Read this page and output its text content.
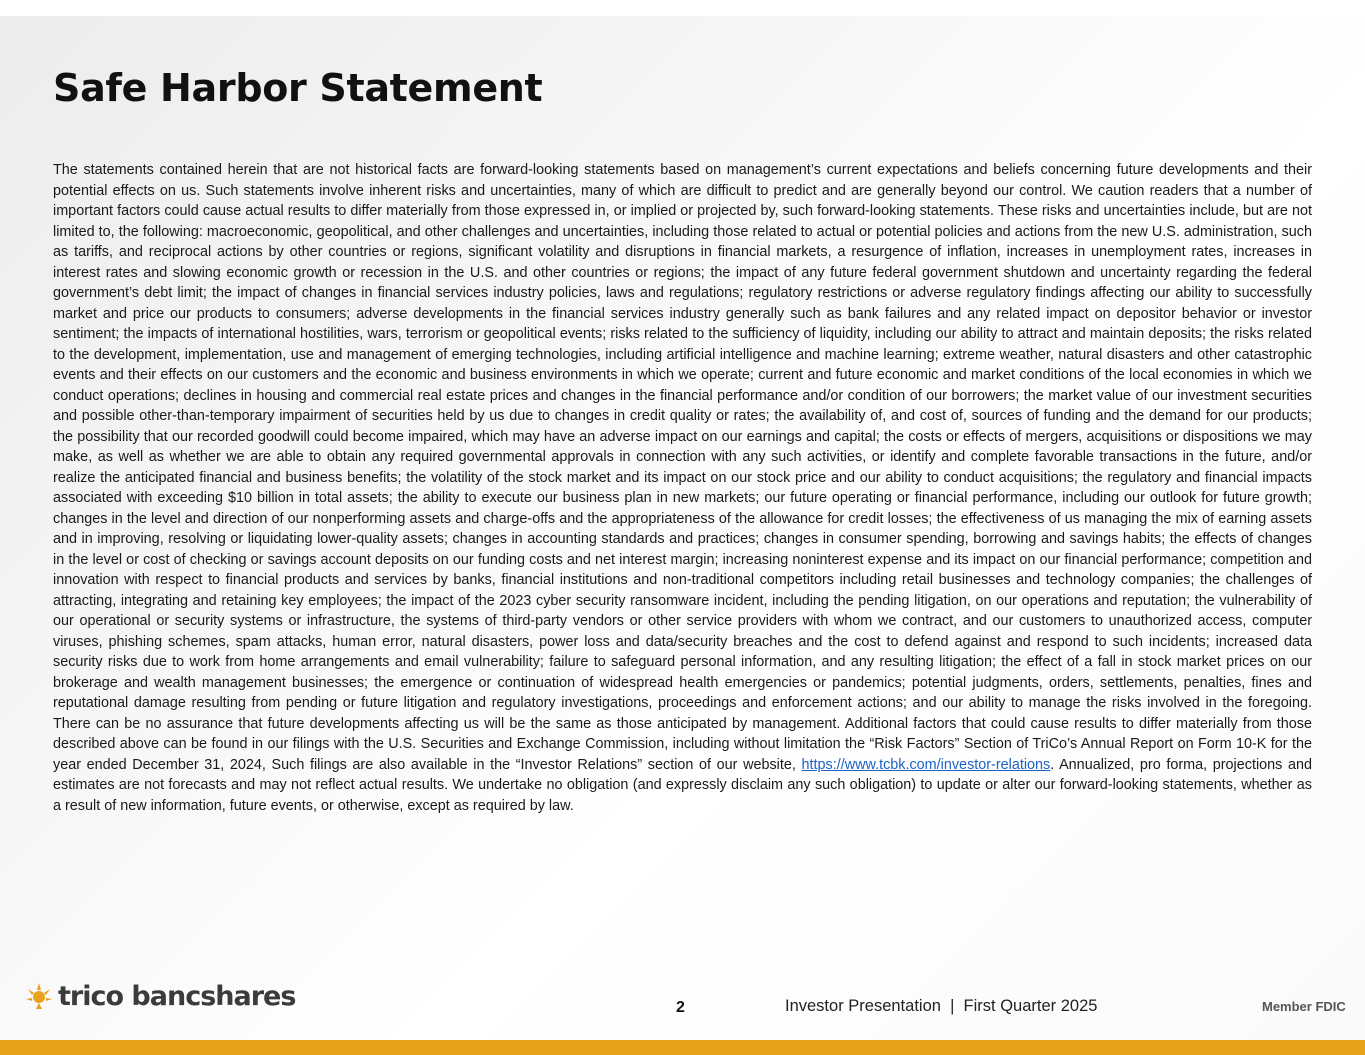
Safe Harbor Statement

The statements contained herein that are not historical facts are forward-looking statements based on management’s current expectations and beliefs concerning future developments and their potential effects on us. Such statements involve inherent risks and uncertainties, many of which are difficult to predict and are generally beyond our control. We caution readers that a number of important factors could cause actual results to differ materially from those expressed in, or implied or projected by, such forward-looking statements. These risks and uncertainties include, but are not limited to, the following: macroeconomic, geopolitical, and other challenges and uncertainties, including those related to actual or potential policies and actions from the new U.S. administration, such as tariffs, and reciprocal actions by other countries or regions, significant volatility and disruptions in financial markets, a resurgence of inflation, increases in unemployment rates, increases in interest rates and slowing economic growth or recession in the U.S. and other countries or regions; the impact of any future federal government shutdown and uncertainty regarding the federal government’s debt limit; the impact of changes in financial services industry policies, laws and regulations; regulatory restrictions or adverse regulatory findings affecting our ability to successfully market and price our products to consumers; adverse developments in the financial services industry generally such as bank failures and any related impact on depositor behavior or investor sentiment; the impacts of international hostilities, wars, terrorism or geopolitical events; risks related to the sufficiency of liquidity, including our ability to attract and maintain deposits; the risks related to the development, implementation, use and management of emerging technologies, including artificial intelligence and machine learning; extreme weather, natural disasters and other catastrophic events and their effects on our customers and the economic and business environments in which we operate; current and future economic and market conditions of the local economies in which we conduct operations; declines in housing and commercial real estate prices and changes in the financial performance and/or condition of our borrowers; the market value of our investment securities and possible other-than-temporary impairment of securities held by us due to changes in credit quality or rates; the availability of, and cost of, sources of funding and the demand for our products; the possibility that our recorded goodwill could become impaired, which may have an adverse impact on our earnings and capital; the costs or effects of mergers, acquisitions or dispositions we may make, as well as whether we are able to obtain any required governmental approvals in connection with any such activities, or identify and complete favorable transactions in the future, and/or realize the anticipated financial and business benefits; the volatility of the stock market and its impact on our stock price and our ability to conduct acquisitions; the regulatory and financial impacts associated with exceeding $10 billion in total assets; the ability to execute our business plan in new markets; our future operating or financial performance, including our outlook for future growth; changes in the level and direction of our nonperforming assets and charge-offs and the appropriateness of the allowance for credit losses; the effectiveness of us managing the mix of earning assets and in improving, resolving or liquidating lower-quality assets; changes in accounting standards and practices; changes in consumer spending, borrowing and savings habits; the effects of changes in the level or cost of checking or savings account deposits on our funding costs and net interest margin; increasing noninterest expense and its impact on our financial performance; competition and innovation with respect to financial products and services by banks, financial institutions and non-traditional competitors including retail businesses and technology companies; the challenges of attracting, integrating and retaining key employees; the impact of the 2023 cyber security ransomware incident, including the pending litigation, on our operations and reputation; the vulnerability of our operational or security systems or infrastructure, the systems of third-party vendors or other service providers with whom we contract, and our customers to unauthorized access, computer viruses, phishing schemes, spam attacks, human error, natural disasters, power loss and data/security breaches and the cost to defend against and respond to such incidents; increased data security risks due to work from home arrangements and email vulnerability; failure to safeguard personal information, and any resulting litigation; the effect of a fall in stock market prices on our brokerage and wealth management businesses; the emergence or continuation of widespread health emergencies or pandemics; potential judgments, orders, settlements, penalties, fines and reputational damage resulting from pending or future litigation and regulatory investigations, proceedings and enforcement actions; and our ability to manage the risks involved in the foregoing. There can be no assurance that future developments affecting us will be the same as those anticipated by management. Additional factors that could cause results to differ materially from those described above can be found in our filings with the U.S. Securities and Exchange Commission, including without limitation the “Risk Factors” Section of TriCo’s Annual Report on Form 10-K for the year ended December 31, 2024, Such filings are also available in the “Investor Relations” section of our website, https://www.tcbk.com/investor-relations. Annualized, pro forma, projections and estimates are not forecasts and may not reflect actual results. We undertake no obligation (and expressly disclaim any such obligation) to update or alter our forward-looking statements, whether as a result of new information, future events, or otherwise, except as required by law.

trico bancshares	2	Investor Presentation  |  First Quarter 2025	Member FDIC
